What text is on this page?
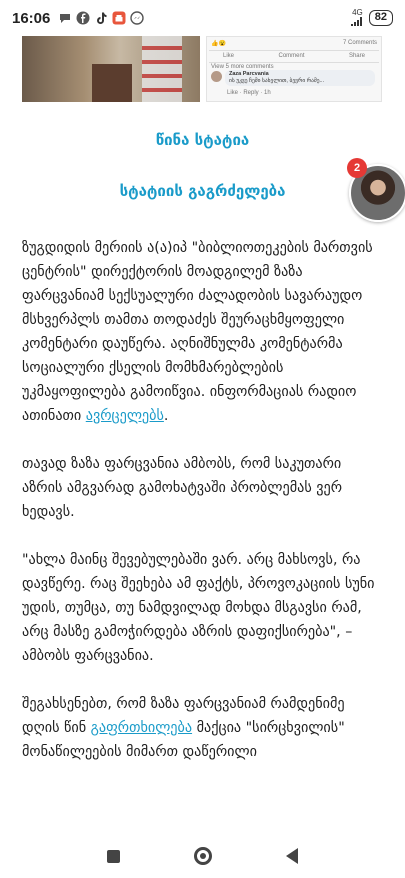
16:06	4G	82
👍😮	7 Comments
Like	Comment	Share
View 5 more comments
Zaza Parcvania
ის უკვე ჩემი სახელით, ბევრი რამე...
Like · Reply · 1h
წინა სტატია
სტატიის გაგრძელება
2

ზუგდიდის მერიის ა(ა)იპ "ბიბლიოთეკების მართვის ცენტრის" დირექტორის მოადგილემ ზაზა ფარცვანიამ სექსუალური ძალადობის სავარაუდო მსხვერპლს თამთა თოდაძეს შეურაცხმყოფელი კომენტარი დაუწერა. აღნიშნულმა კომენტარმა სოციალური ქსელის მომხმარებლების უკმაყოფილება გამოიწვია. ინფორმაციას რადიო ათინათი ავრცელებს.

თავად ზაზა ფარცვანია ამბობს, რომ საკუთარი აზრის ამგვარად გამოხატვაში პრობლემას ვერ ხედავს.

"ახლა მაინც შევებულებაში ვარ. არც მახსოვს, რა დავწერე. რაც შეეხება ამ ფაქტს, პროვოკაციის სუნი უდის, თუმცა, თუ ნამდვილად მოხდა მსგავსი რამ, არც მასზე გამოჭირდება აზრის დაფიქსირება", – ამბობს ფარცვანია.

შეგახსენებთ, რომ ზაზა ფარცვანიამ რამდენიმე დღის წინ გაფრთხილება მაქცია "სირცხვილის" მონაწილეების მიმართ დაწერილი
